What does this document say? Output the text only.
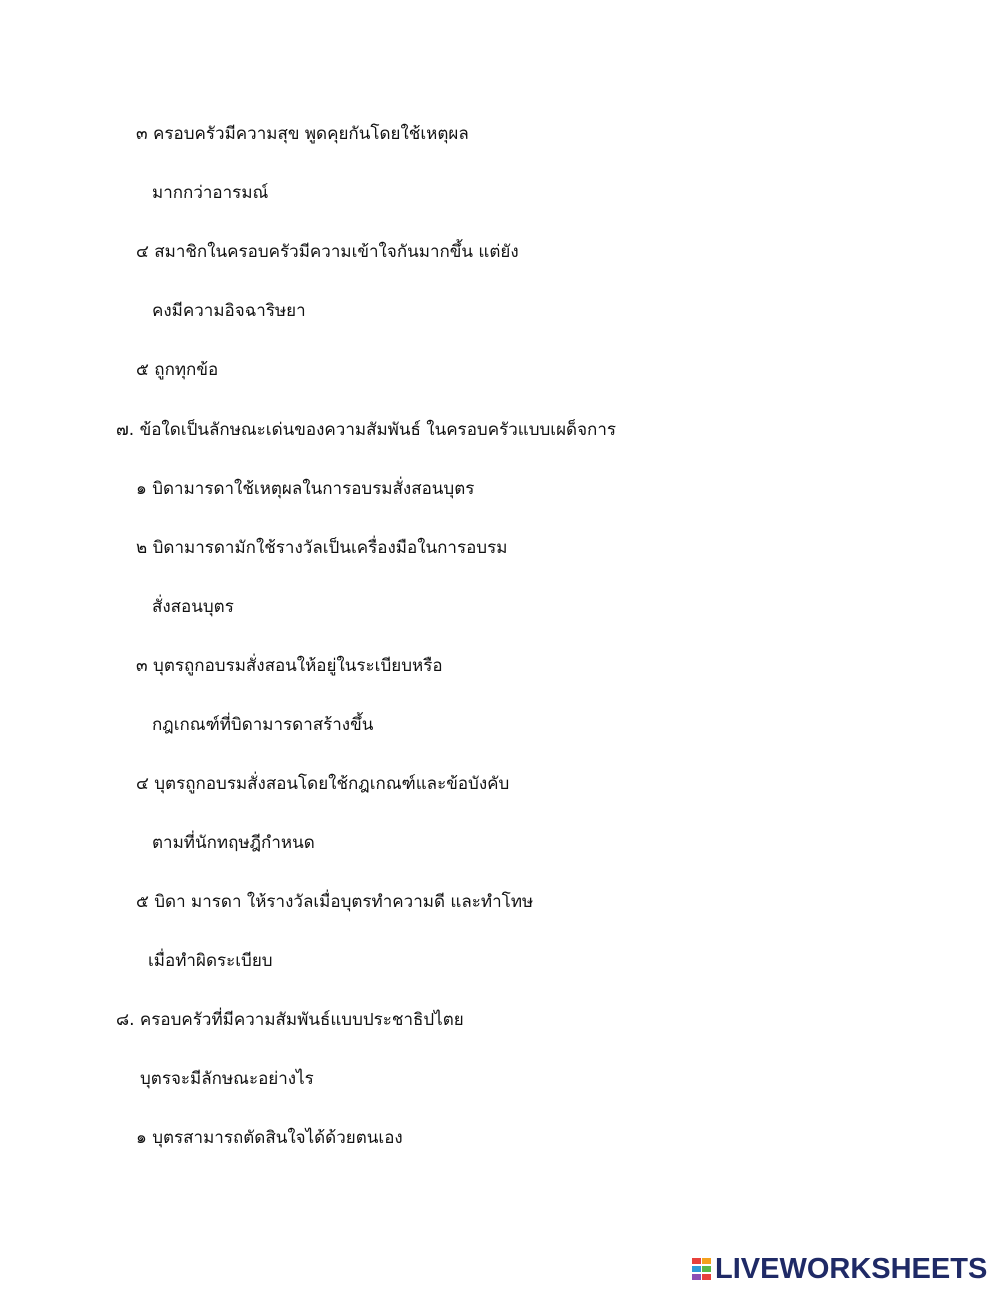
๓ ครอบครัวมีความสุข พูดคุยกันโดยใช้เหตุผล
มากกว่าอารมณ์
๔ สมาชิกในครอบครัวมีความเข้าใจกันมากขึ้น แต่ยัง
คงมีความอิจฉาริษยา
๕ ถูกทุกข้อ
๗. ข้อใดเป็นลักษณะเด่นของความสัมพันธ์ ในครอบครัวแบบเผด็จการ
๑ บิดามารดาใช้เหตุผลในการอบรมสั่งสอนบุตร
๒ บิดามารดามักใช้รางวัลเป็นเครื่องมือในการอบรม
สั่งสอนบุตร
๓ บุตรถูกอบรมสั่งสอนให้อยู่ในระเบียบหรือ
กฎเกณฑ์ที่บิดามารดาสร้างขึ้น
๔ บุตรถูกอบรมสั่งสอนโดยใช้กฎเกณฑ์และข้อบังคับ
ตามที่นักทฤษฎีกำหนด
๕ บิดา มารดา ให้รางวัลเมื่อบุตรทำความดี และทำโทษ
เมื่อทำผิดระเบียบ
๘. ครอบครัวที่มีความสัมพันธ์แบบประชาธิปไตย
บุตรจะมีลักษณะอย่างไร
๑ บุตรสามารถตัดสินใจได้ด้วยตนเอง
LIVEWORKSHEETS
